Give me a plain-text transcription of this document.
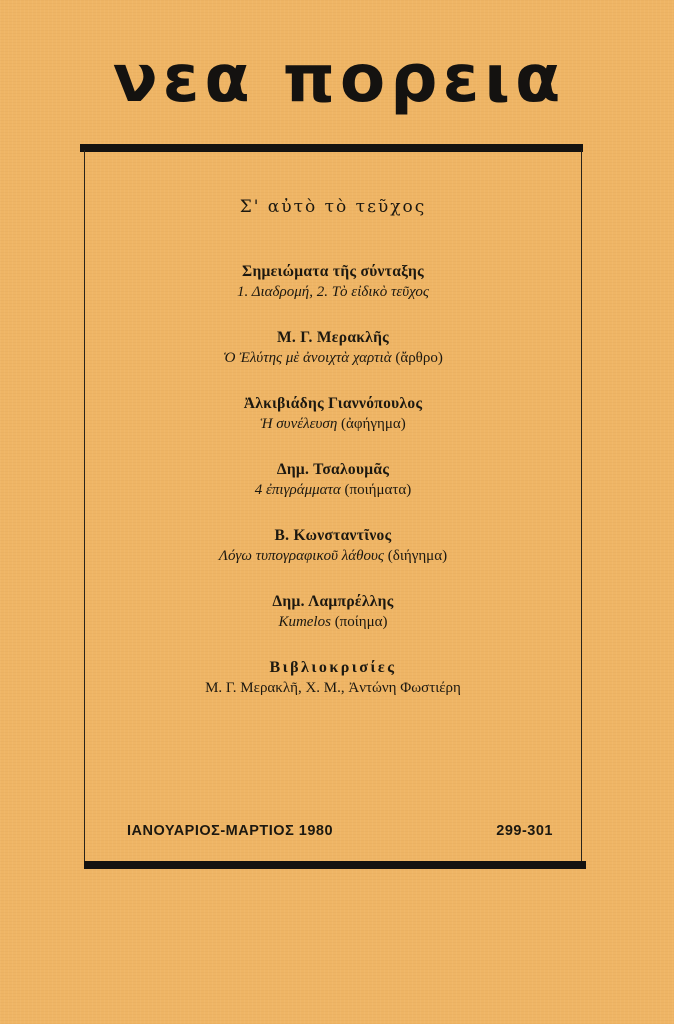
νεα πορεια
Σ' αὐτὸ τὸ τεῦχος
Σημειώματα τῆς σύνταξης
1. Διαδρομή, 2. Τὸ εἰδικὸ τεῦχος
Μ. Γ. Μερακλῆς
Ὁ Ἐλύτης μὲ ἀνοιχτὰ χαρτιὰ (ἄρθρο)
Ἀλκιβιάδης Γιαννόπουλος
Ἡ συνέλευση (ἀφήγημα)
Δημ. Τσαλουμᾶς
4 ἐπιγράμματα (ποιήματα)
Β. Κωνσταντῖνος
Λόγω τυπογραφικοῦ λάθους (διήγημα)
Δημ. Λαμπρέλλης
Kumelos (ποίημα)
Βιβλιοκρισίες
Μ. Γ. Μερακλῆ, Χ. Μ., Ἀντώνη Φωστιέρη
ΙΑΝΟΥΑΡΙΟΣ-ΜΑΡΤΙΟΣ 1980	299-301
